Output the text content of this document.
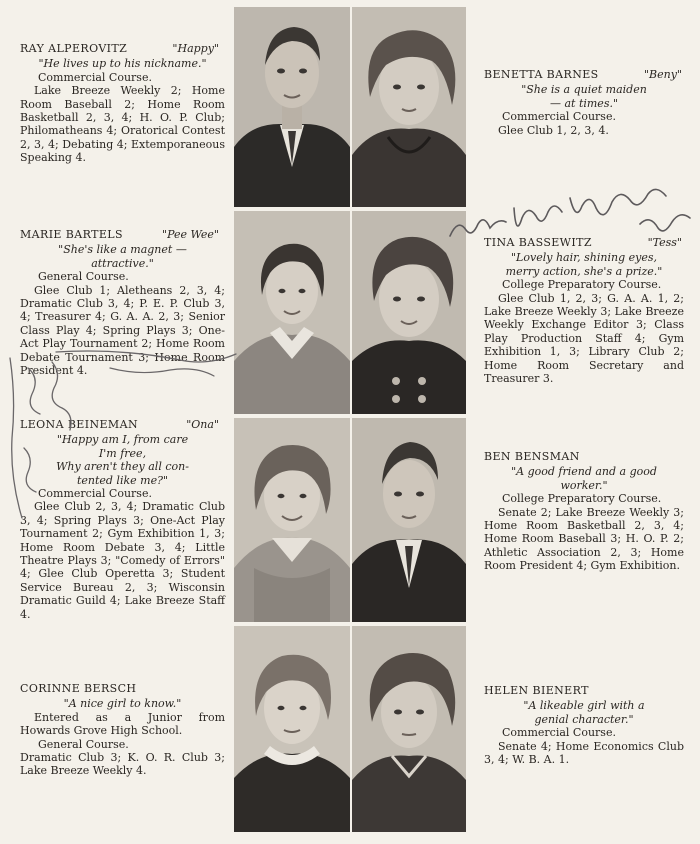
RAY ALPEROVITZ	"Happy"
"He lives up to his nickname."
Commercial Course.
Lake Breeze Weekly 2; Home Room Baseball 2; Home Room Basketball 2, 3, 4; H. O. P. Club; Philomatheans 4; Oratorical Contest 2, 3, 4; Debating 4; Extemporaneous Speaking 4.
BENETTA BARNES	"Beny"
"She is a quiet maiden
— at times."
Commercial Course.
Glee Club 1, 2, 3, 4.
MARIE BARTELS	"Pee Wee"
"She's like a magnet —
attractive."
General Course.
Glee Club 1; Aletheans 2, 3, 4; Dramatic Club 3, 4; P. E. P. Club 3, 4; Treasurer 4; G. A. A. 2, 3; Senior Class Play 4; Spring Plays 3; One-Act Play Tournament 2; Home Room Debate Tournament 3; Home Room President 4.
TINA BASSEWITZ	"Tess"
"Lovely hair, shining eyes,
merry action, she's a prize."
College Preparatory Course.
Glee Club 1, 2, 3; G. A. A. 1, 2; Lake Breeze Weekly 3; Lake Breeze Weekly Exchange Editor 3; Class Play Production Staff 4; Gym Exhibition 1, 3; Library Club 2; Home Room Secretary and Treasurer 3.
LEONA BEINEMAN	"Ona"
"Happy am I, from care
I'm free,
Why aren't they all con-
tented like me?"
Commercial Course.
Glee Club 2, 3, 4; Dramatic Club 3, 4; Spring Plays 3; One-Act Play Tournament 2; Gym Exhibition 1, 3; Home Room Debate 3, 4; Little Theatre Plays 3; "Comedy of Errors" 4; Glee Club Operetta 3; Student Service Bureau 2, 3; Wisconsin Dramatic Guild 4; Lake Breeze Staff 4.
BEN BENSMAN
"A good friend and a good
worker."
College Preparatory Course.
Senate 2; Lake Breeze Weekly 3; Home Room Basketball 2, 3, 4; Home Room Baseball 3; H. O. P. 2; Athletic Association 2, 3; Home Room President 4; Gym Exhibition.
CORINNE BERSCH
"A nice girl to know."
Entered as a Junior from Howards Grove High School.
General Course.
Dramatic Club 3; K. O. R. Club 3; Lake Breeze Weekly 4.
HELEN BIENERT
"A likeable girl with a
genial character."
Commercial Course.
Senate 4; Home Economics Club 3, 4; W. B. A. 1.
